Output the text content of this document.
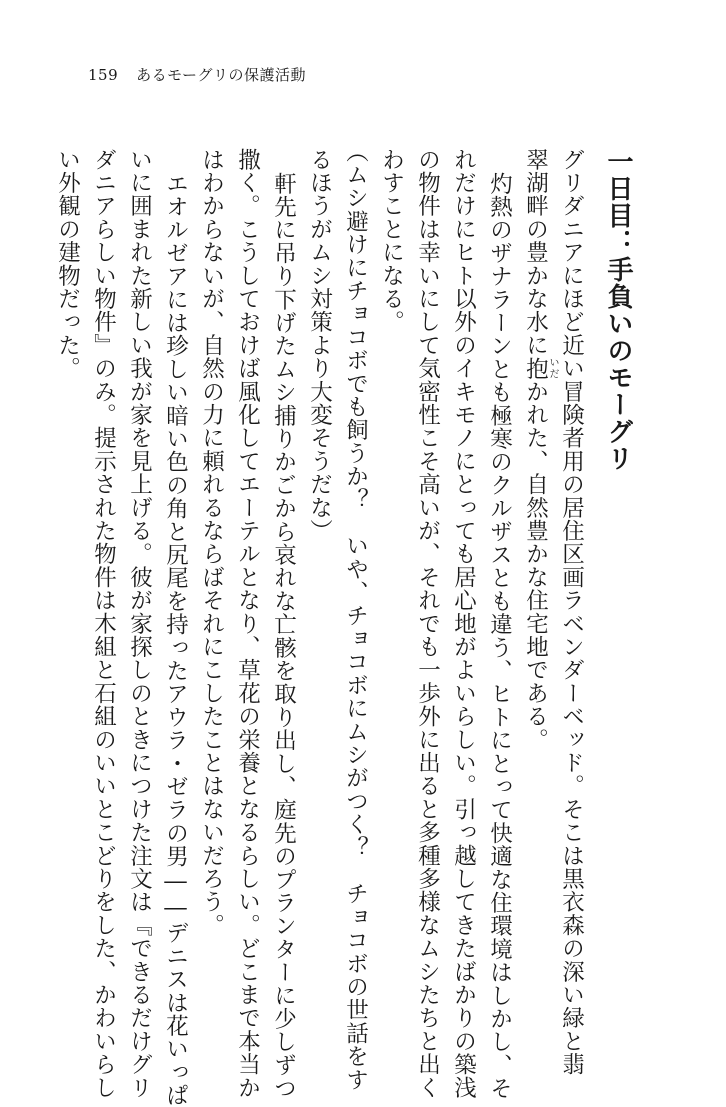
159 あるモーグリの保護活動
一日目：手負いのモーグリ
グリダニアにほど近い冒険者用の居住区画ラベンダーベッド。そこは黒衣森の深い緑と翡
翠湖畔の豊かな水に抱いだかれた、自然豊かな住宅地である。
灼熱のザナラーンとも極寒のクルザスとも違う、ヒトにとって快適な住環境はしかし、そ
れだけにヒト以外のイキモノにとっても居心地がよいらしい。引っ越してきたばかりの築浅
の物件は幸いにして気密性こそ高いが、それでも一歩外に出ると多種多様なムシたちと出く
わすことになる。
（ムシ避けにチョコボでも飼うか？　いや、チョコボにムシがつく？　チョコボの世話をす
るほうがムシ対策より大変そうだな）
軒先に吊り下げたムシ捕りかごから哀れな亡骸を取り出し、庭先のプランターに少しずつ
撒く。こうしておけば風化してエーテルとなり、草花の栄養となるらしい。どこまで本当か
はわからないが、自然の力に頼れるならばそれにこしたことはないだろう。
エオルゼアには珍しい暗い色の角と尻尾を持ったアウラ・ゼラの男――デニスは花いっぱ
いに囲まれた新しい我が家を見上げる。彼が家探しのときにつけた注文は『できるだけグリ
ダニアらしい物件』のみ。提示された物件は木組と石組のいいとこどりをした、かわいらし
い外観の建物だった。
